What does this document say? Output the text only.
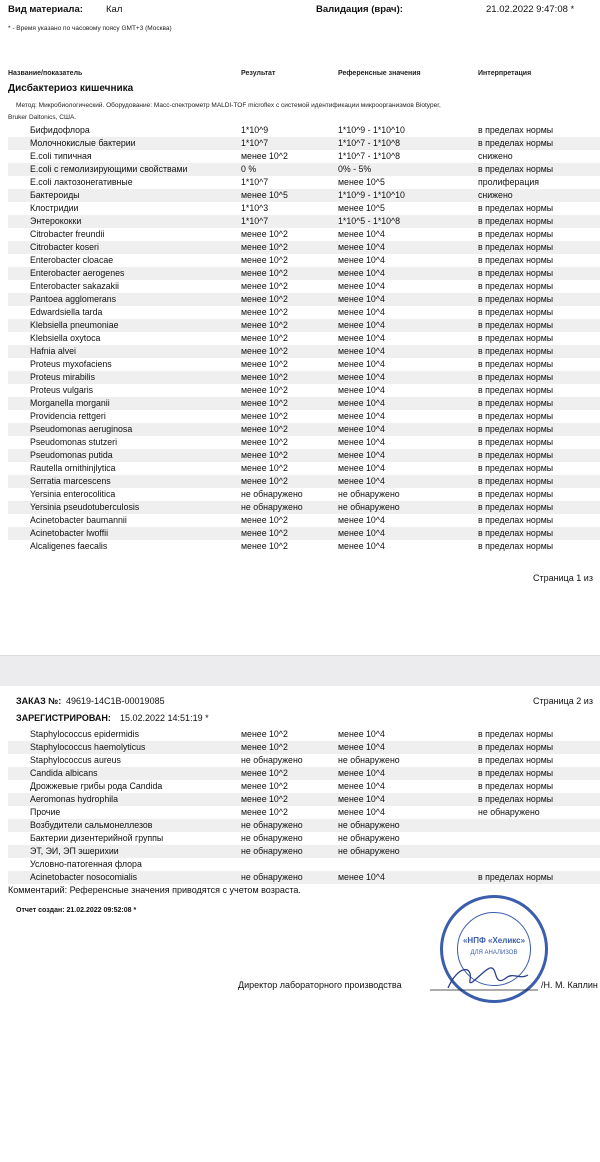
Вид материала: Кал	Валидация (врач):	21.02.2022 9:47:08 *
* - Время указано по часовому поясу GMT+3 (Москва)
Название/показатель	Результат	Референсные значения	Интерпретация
Дисбактериоз кишечника
Метод: Микробиологический. Оборудование: Масс-спектрометр MALDI-TOF microflex с системой идентификации микроорганизмов Biotyper,
Bruker Daltonics, США.
Бифидофлора	1*10^9	1*10^9 - 1*10^10	в пределах нормы
Молочнокислые бактерии	1*10^7	1*10^7 - 1*10^8	в пределах нормы
E.coli типичная	менее 10^2	1*10^7 - 1*10^8	снижено
E.coli с гемолизирующими свойствами	0 %	0% - 5%	в пределах нормы
E.coli лактозонегативные	1*10^7	менее 10^5	пролиферация
Бактероиды	менее 10^5	1*10^9 - 1*10^10	снижено
Клостридии	1*10^3	менее 10^5	в пределах нормы
Энтерококки	1*10^7	1*10^5 - 1*10^8	в пределах нормы
Citrobacter freundii	менее 10^2	менее 10^4	в пределах нормы
Citrobacter koseri	менее 10^2	менее 10^4	в пределах нормы
Enterobacter cloacae	менее 10^2	менее 10^4	в пределах нормы
Enterobacter aerogenes	менее 10^2	менее 10^4	в пределах нормы
Enterobacter sakazakii	менее 10^2	менее 10^4	в пределах нормы
Pantoea agglomerans	менее 10^2	менее 10^4	в пределах нормы
Edwardsiella tarda	менее 10^2	менее 10^4	в пределах нормы
Klebsiella pneumoniae	менее 10^2	менее 10^4	в пределах нормы
Klebsiella oxytoca	менее 10^2	менее 10^4	в пределах нормы
Hafnia alvei	менее 10^2	менее 10^4	в пределах нормы
Proteus myxofaciens	менее 10^2	менее 10^4	в пределах нормы
Proteus mirabilis	менее 10^2	менее 10^4	в пределах нормы
Proteus vulgaris	менее 10^2	менее 10^4	в пределах нормы
Morganella morganii	менее 10^2	менее 10^4	в пределах нормы
Providencia rettgeri	менее 10^2	менее 10^4	в пределах нормы
Pseudomonas aeruginosa	менее 10^2	менее 10^4	в пределах нормы
Pseudomonas stutzeri	менее 10^2	менее 10^4	в пределах нормы
Pseudomonas putida	менее 10^2	менее 10^4	в пределах нормы
Rautella ornithinjlytica	менее 10^2	менее 10^4	в пределах нормы
Serratia marcescens	менее 10^2	менее 10^4	в пределах нормы
Yersinia enterocolitica	не обнаружено	не обнаружено	в пределах нормы
Yersinia pseudotuberculosis	не обнаружено	не обнаружено	в пределах нормы
Acinetobacter baumannii	менее 10^2	менее 10^4	в пределах нормы
Acinetobacter lwoffii	менее 10^2	менее 10^4	в пределах нормы
Alcaligenes faecalis	менее 10^2	менее 10^4	в пределах нормы
Страница 1 из
ЗАКАЗ №: 49619-14C1B-00019085	Страница 2 из
ЗАРЕГИСТРИРОВАН: 15.02.2022 14:51:19 *
Staphylococcus epidermidis	менее 10^2	менее 10^4	в пределах нормы
Staphylococcus haemolyticus	менее 10^2	менее 10^4	в пределах нормы
Staphylococcus aureus	не обнаружено	не обнаружено	в пределах нормы
Candida albicans	менее 10^2	менее 10^4	в пределах нормы
Дрожжевые грибы рода Candida	менее 10^2	менее 10^4	в пределах нормы
Aeromonas hydrophila	менее 10^2	менее 10^4	в пределах нормы
Прочие	менее 10^2	менее 10^4	не обнаружено
Возбудители сальмонеллезов	не обнаружено	не обнаружено
Бактерии дизентерийной группы	не обнаружено	не обнаружено
ЭТ, ЭИ, ЭП эшерихии	не обнаружено	не обнаружено
Условно-патогенная флора
Acinetobacter nosocomialis	не обнаружено	менее 10^4	в пределах нормы
Комментарий: Референсные значения приводятся с учетом возраста.
Отчет создан: 21.02.2022 09:52:08 *
«НПФ «Хеликс»
ДЛЯ АНАЛИЗОВ
Директор лабораторного производства	/Н. М. Каплин
